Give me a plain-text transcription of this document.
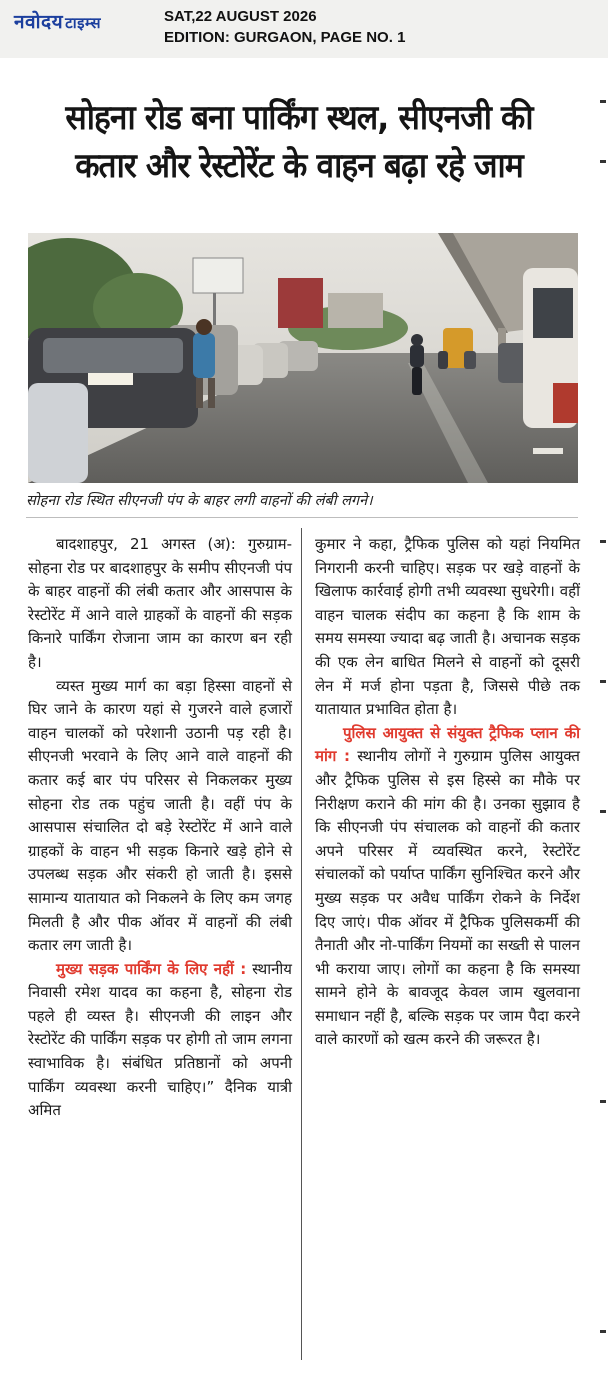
नवोदय टाइम्स	SAT,22 AUGUST 2026
EDITION: GURGAON, PAGE NO. 1
सोहना रोड बना पार्किंग स्थल, सीएनजी की
कतार और रेस्टोरेंट के वाहन बढ़ा रहे जाम
सोहना रोड स्थित सीएनजी पंप के बाहर लगी वाहनों की लंबी लगने।

बादशाहपुर, 21 अगस्त (अ): गुरुग्राम-सोहना रोड पर बादशाहपुर के समीप सीएनजी पंप के बाहर वाहनों की लंबी कतार और आसपास के रेस्टोरेंट में आने वाले ग्राहकों के वाहनों की सड़क किनारे पार्किंग रोजाना जाम का कारण बन रही है।

व्यस्त मुख्य मार्ग का बड़ा हिस्सा वाहनों से घिर जाने के कारण यहां से गुजरने वाले हजारों वाहन चालकों को परेशानी उठानी पड़ रही है। सीएनजी भरवाने के लिए आने वाले वाहनों की कतार कई बार पंप परिसर से निकलकर मुख्य सोहना रोड तक पहुंच जाती है। वहीं पंप के आसपास संचालित दो बड़े रेस्टोरेंट में आने वाले ग्राहकों के वाहन भी सड़क किनारे खड़े होने से उपलब्ध सड़क और संकरी हो जाती है। इससे सामान्य यातायात को निकलने के लिए कम जगह मिलती है और पीक ऑवर में वाहनों की लंबी कतार लग जाती है।

मुख्य सड़क पार्किंग के लिए नहीं : स्थानीय निवासी रमेश यादव का कहना है, सोहना रोड पहले ही व्यस्त है। सीएनजी की लाइन और रेस्टोरेंट की पार्किंग सड़क पर होगी तो जाम लगना स्वाभाविक है। संबंधित प्रतिष्ठानों को अपनी पार्किंग व्यवस्था करनी चाहिए।” दैनिक यात्री अमित

कुमार ने कहा, ट्रैफिक पुलिस को यहां नियमित निगरानी करनी चाहिए। सड़क पर खड़े वाहनों के खिलाफ कार्रवाई होगी तभी व्यवस्था सुधरेगी। वहीं वाहन चालक संदीप का कहना है कि शाम के समय समस्या ज्यादा बढ़ जाती है। अचानक सड़क की एक लेन बाधित मिलने से वाहनों को दूसरी लेन में मर्ज होना पड़ता है, जिससे पीछे तक यातायात प्रभावित होता है।

पुलिस आयुक्त से संयुक्त ट्रैफिक प्लान की मांग : स्थानीय लोगों ने गुरुग्राम पुलिस आयुक्त और ट्रैफिक पुलिस से इस हिस्से का मौके पर निरीक्षण कराने की मांग की है। उनका सुझाव है कि सीएनजी पंप संचालक को वाहनों की कतार अपने परिसर में व्यवस्थित करने, रेस्टोरेंट संचालकों को पर्याप्त पार्किंग सुनिश्चित करने और मुख्य सड़क पर अवैध पार्किंग रोकने के निर्देश दिए जाएं। पीक ऑवर में ट्रैफिक पुलिसकर्मी की तैनाती और नो-पार्किंग नियमों का सख्ती से पालन भी कराया जाए। लोगों का कहना है कि समस्या सामने होने के बावजूद केवल जाम खुलवाना समाधान नहीं है, बल्कि सड़क पर जाम पैदा करने वाले कारणों को खत्म करने की जरूरत है।
